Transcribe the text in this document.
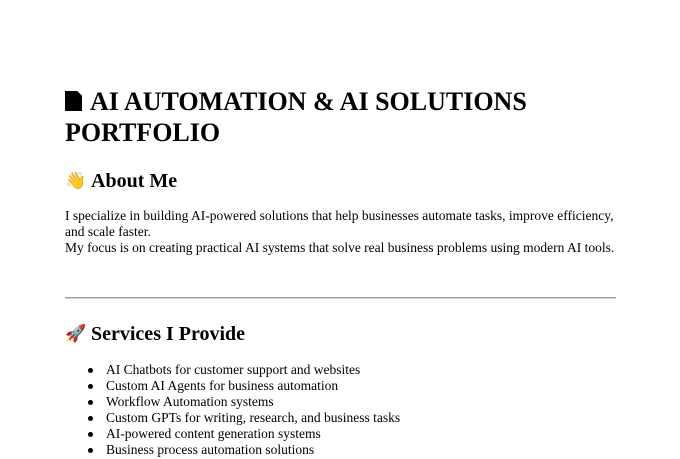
AI AUTOMATION & AI SOLUTIONS PORTFOLIO
👋 About Me

I specialize in building AI-powered solutions that help businesses automate tasks, improve efficiency, and scale faster.
My focus is on creating practical AI systems that solve real business problems using modern AI tools.

🚀 Services I Provide
AI Chatbots for customer support and websites
Custom AI Agents for business automation
Workflow Automation systems
Custom GPTs for writing, research, and business tasks
AI-powered content generation systems
Business process automation solutions
